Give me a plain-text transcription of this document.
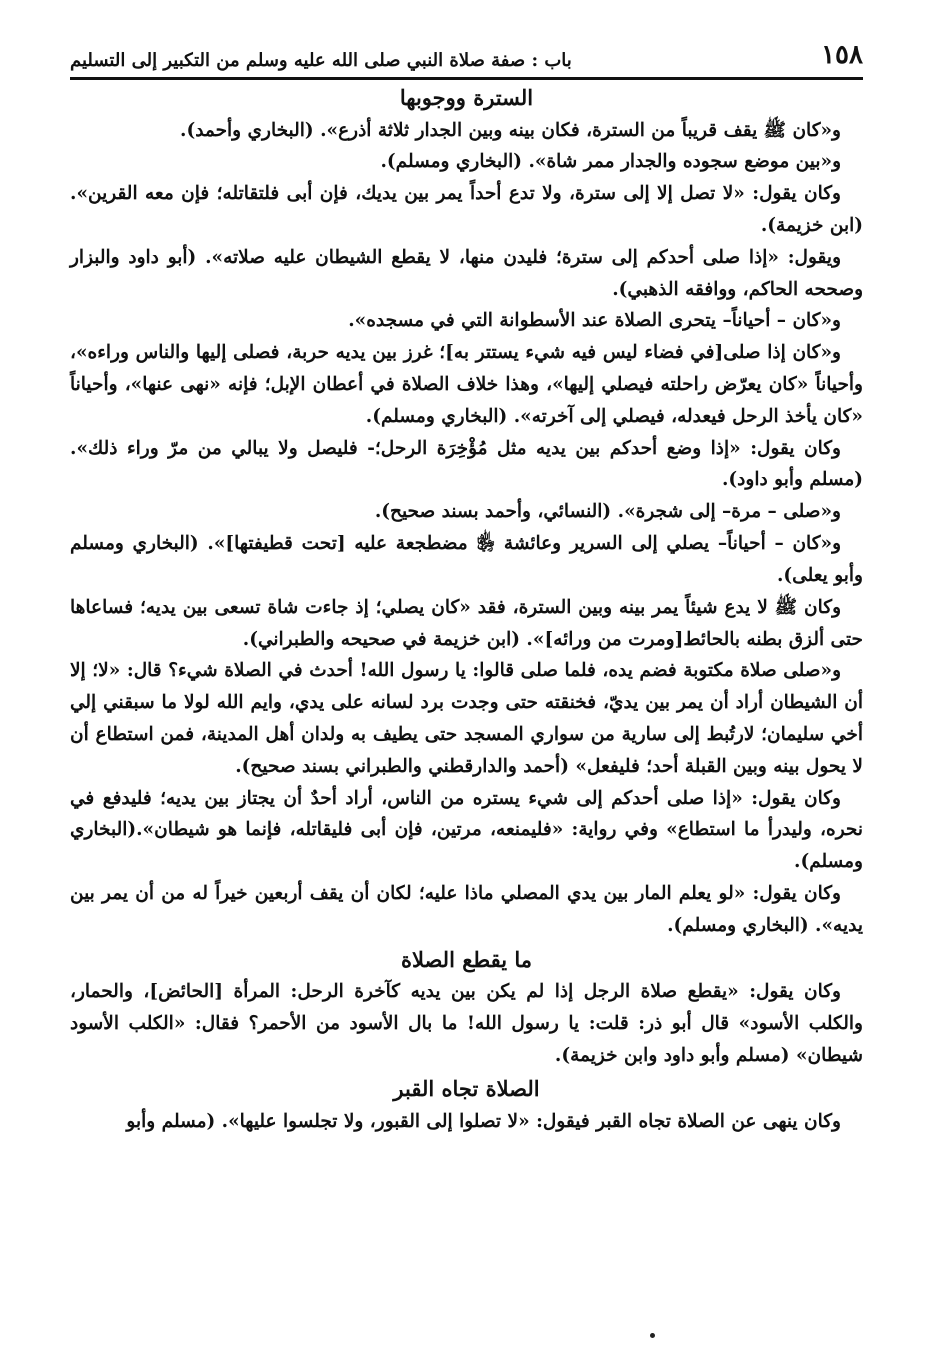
١٥٨
باب : صفة صلاة النبي صلى الله عليه وسلم من التكبير إلى التسليم
السترة ووجوبها

و«كان ﷺ يقف قريباً من السترة، فكان بينه وبين الجدار ثلاثة أذرع». (البخاري وأحمد).

و«بين موضع سجوده والجدار ممر شاة». (البخاري ومسلم).

وكان يقول: «لا تصل إلا إلى سترة، ولا تدع أحداً يمر بين يديك، فإن أبى فلتقاتله؛ فإن معه القرين». (ابن خزيمة).

ويقول: «إذا صلى أحدكم إلى سترة؛ فليدن منها، لا يقطع الشيطان عليه صلاته». (أبو داود والبزار وصححه الحاكم، ووافقه الذهبي).

و«كان – أحياناً– يتحرى الصلاة عند الأسطوانة التي في مسجده».

و«كان إذا صلى[في فضاء ليس فيه شيء يستتر به]؛ غرز بين يديه حربة، فصلى إليها والناس وراءه»، وأحياناً «كان يعرّض راحلته فيصلي إليها»، وهذا خلاف الصلاة في أعطان الإبل؛ فإنه «نهى عنها»، وأحياناً «كان يأخذ الرحل فيعدله، فيصلي إلى آخرته». (البخاري ومسلم).

وكان يقول: «إذا وضع أحدكم بين يديه مثل مُؤْخِرَة الرحل؛- فليصل ولا يبالي من مرّ وراء ذلك». (مسلم وأبو داود).

و«صلى – مرة– إلى شجرة». (النسائي، وأحمد بسند صحيح).

و«كان – أحياناً– يصلي إلى السرير وعائشة ﵂ مضطجعة عليه [تحت قطيفتها]». (البخاري ومسلم وأبو يعلى).

وكان ﷺ لا يدع شيئاً يمر بينه وبين السترة، فقد «كان يصلي؛ إذ جاءت شاة تسعى بين يديه؛ فساعاها حتى ألزق بطنه بالحائط[ومرت من ورائه]». (ابن خزيمة في صحيحه والطبراني).

و«صلى صلاة مكتوبة فضم يده، فلما صلى قالوا: يا رسول الله! أحدث في الصلاة شيء؟ قال: «لا؛ إلا أن الشيطان أراد أن يمر بين يديّ، فخنقته حتى وجدت برد لسانه على يدي، وايم الله لولا ما سبقني إلي أخي سليمان؛ لارتُبط إلى سارية من سواري المسجد حتى يطيف به ولدان أهل المدينة، فمن استطاع أن لا يحول بينه وبين القبلة أحد؛ فليفعل» (أحمد والدارقطني والطبراني بسند صحيح).

وكان يقول: «إذا صلى أحدكم إلى شيء يستره من الناس، أراد أحدٌ أن يجتاز بين يديه؛ فليدفع في نحره، وليدرأ ما استطاع» وفي رواية: «فليمنعه، مرتين، فإن أبى فليقاتله، فإنما هو شيطان».(البخاري ومسلم).

وكان يقول: «لو يعلم المار بين يدي المصلي ماذا عليه؛ لكان أن يقف أربعين خيراً له من أن يمر بين يديه». (البخاري ومسلم).

ما يقطع الصلاة

وكان يقول: «يقطع صلاة الرجل إذا لم يكن بين يديه كآخرة الرحل: المرأة [الحائض]، والحمار، والكلب الأسود» قال أبو ذر: قلت: يا رسول الله! ما بال الأسود من الأحمر؟ فقال: «الكلب الأسود شيطان» (مسلم وأبو داود وابن خزيمة).

الصلاة تجاه القبر

وكان ينهى عن الصلاة تجاه القبر فيقول: «لا تصلوا إلى القبور، ولا تجلسوا عليها». (مسلم وأبو
